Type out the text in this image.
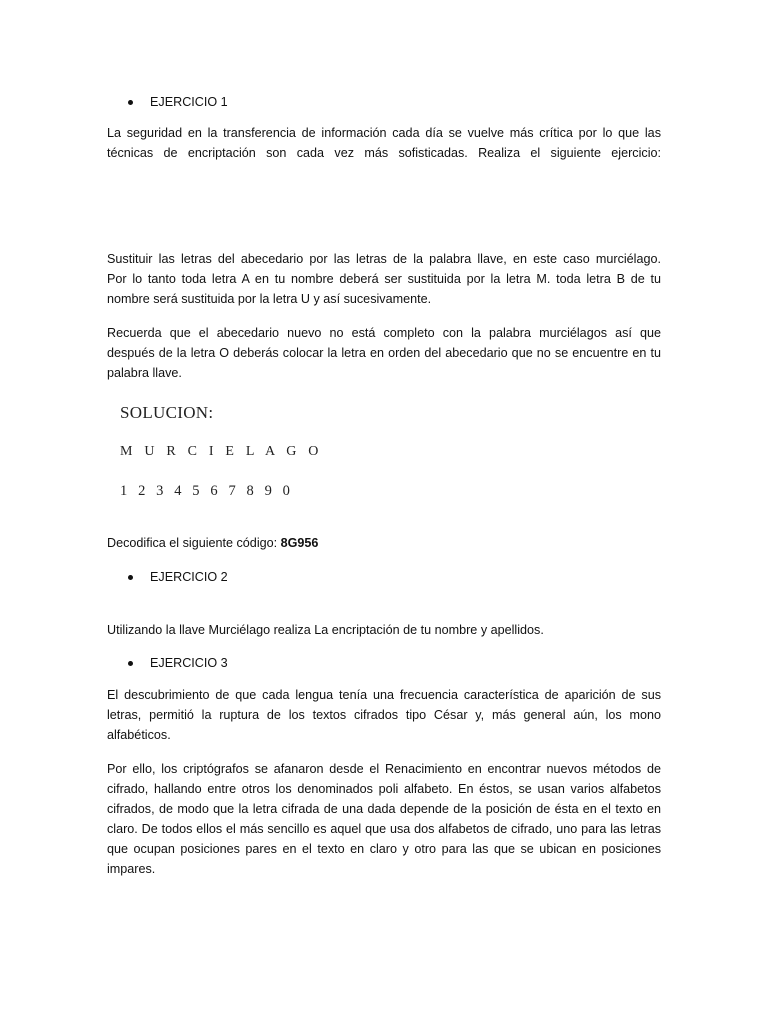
EJERCICIO 1
La seguridad en la transferencia de información cada día se vuelve más crítica por lo que las
técnicas de encriptación son cada vez más sofisticadas. Realiza el siguiente ejercicio:
Sustituir las letras del abecedario por las letras de la palabra llave, en este caso murciélago.
Por lo tanto toda letra A en tu nombre deberá ser sustituida por la letra M. toda letra B de tu
nombre será sustituida por la letra U y así sucesivamente.
Recuerda que el abecedario nuevo no está completo con la palabra murciélagos así que
después de la letra O deberás colocar la letra en orden del abecedario que no se encuentre en tu
palabra llave.
SOLUCION:
M U R C I E L A G O
1 2 3 4 5 6 7 8 9 0
Decodifica el siguiente código: 8G956
EJERCICIO 2
Utilizando la llave Murciélago realiza La encriptación de tu nombre y apellidos.
EJERCICIO 3
El descubrimiento de que cada lengua tenía una frecuencia característica de aparición de sus
letras, permitió la ruptura de los textos cifrados tipo César y, más general aún, los mono
alfabéticos.
Por ello, los criptógrafos se afanaron desde el Renacimiento en encontrar nuevos métodos de
cifrado, hallando entre otros los denominados poli alfabeto. En éstos, se usan varios alfabetos
cifrados, de modo que la letra cifrada de una dada depende de la posición de ésta en el texto en
claro. De todos ellos el más sencillo es aquel que usa dos alfabetos de cifrado, uno para las letras
que ocupan posiciones pares en el texto en claro y otro para las que se ubican en posiciones
impares.
